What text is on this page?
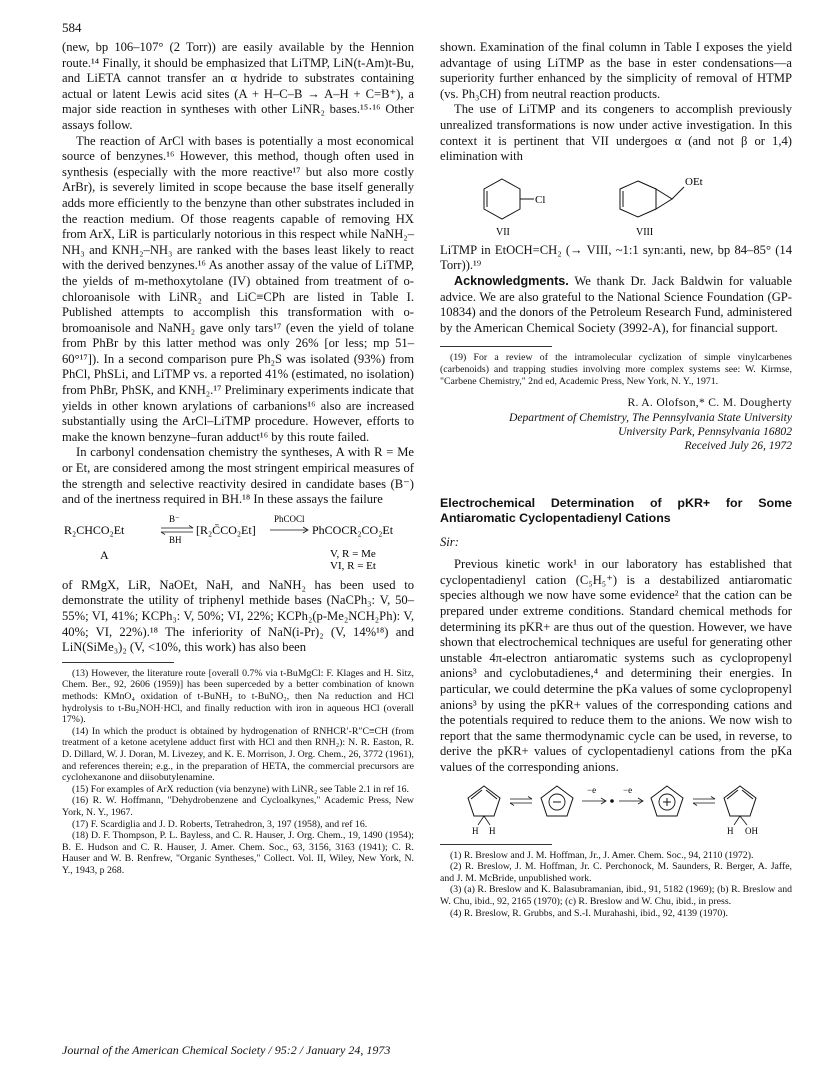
584

(new, bp 106–107° (2 Torr)) are easily available by the Hennion route.¹⁴ Finally, it should be emphasized that LiTMP, LiN(t-Am)t-Bu, and LiETA cannot transfer an α hydride to substrates containing actual or latent Lewis acid sites (A + H–C–B → A–H + C=B⁺), a major side reaction in syntheses with other LiNR₂ bases.¹⁵·¹⁶ Other assays follow.

The reaction of ArCl with bases is potentially a most economical source of benzynes.¹⁶ However, this method, though often used in synthesis (especially with the more reactive¹⁷ but also more costly ArBr), is severely limited in scope because the base itself generally adds more efficiently to the benzyne than other substrates included in the reaction medium. Of those reagents capable of removing HX from ArX, LiR is particularly notorious in this respect while NaNH₂–NH₃ and KNH₂–NH₃ are ranked with the bases least likely to react with the derived benzynes.¹⁶ As another assay of the value of LiTMP, the yields of m-methoxytolane (IV) obtained from treatment of o-chloroanisole with LiNR₂ and LiC≡CPh are listed in Table I. Published attempts to accomplish this transformation with o-bromoanisole and NaNH₂ gave only tars¹⁷ (even the yield of tolane from PhBr by this latter method was only 26% [or less; mp 51–60°¹⁷]). In a second comparison pure Ph₂S was isolated (93%) from PhCl, PhSLi, and LiTMP vs. a reported 41% (estimated, no isolation) from PhBr, PhSK, and KNH₂.¹⁷ Preliminary experiments indicate that yields in other known arylations of carbanions¹⁶ also are increased substantially using the ArCl–LiTMP procedure. However, efforts to make the known benzyne–furan adduct¹⁶ by this route failed.

In carbonyl condensation chemistry the syntheses, A with R = Me or Et, are considered among the most stringent empirical measures of the strength and selective reactivity desired in candidate bases (B⁻) and of the inertness required in BH.¹⁸ In these assays the failure

R₂CHCO₂Et
B⁻
BH
[R₂C̄CO₂Et]
PhCOCl
PhCOCR₂CO₂Et
A	V, R = Me
VI, R = Et

of RMgX, LiR, NaOEt, NaH, and NaNH₂ has been used to demonstrate the utility of triphenyl methide bases (NaCPh₃: V, 50–55%; VI, 41%; KCPh₃: V, 50%; VI, 22%; KCPh₂(p-Me₂NCH₂Ph): V, 40%; VI, 22%).¹⁸ The inferiority of NaN(i-Pr)₂ (V, 14%¹⁸) and LiN(SiMe₃)₂ (V, <10%, this work) has also been

(13) However, the literature route [overall 0.7% via t-BuMgCl: F. Klages and H. Sitz, Chem. Ber., 92, 2606 (1959)] has been superceded by a better combination of known methods: KMnO₄ oxidation of t-BuNH₂ to t-BuNO₂, then Na reduction and HCl hydrolysis to t-Bu₂NOH·HCl, and finally reduction with iron in aqueous HCl (overall 17%).

(14) In which the product is obtained by hydrogenation of RNHCR′-R″C≡CH (from treatment of a ketone acetylene adduct first with HCl and then RNH₂): N. R. Easton, R. D. Dillard, W. J. Doran, M. Livezey, and K. E. Morrison, J. Org. Chem., 26, 3772 (1961), and references therein; e.g., in the preparation of HETA, the commercial precursors are cyclohexanone and diisobutylenamine.

(15) For examples of ArX reduction (via benzyne) with LiNR₂ see Table 2.1 in ref 16.

(16) R. W. Hoffmann, "Dehydrobenzene and Cycloalkynes," Academic Press, New York, N. Y., 1967.

(17) F. Scardiglia and J. D. Roberts, Tetrahedron, 3, 197 (1958), and ref 16.

(18) D. F. Thompson, P. L. Bayless, and C. R. Hauser, J. Org. Chem., 19, 1490 (1954); B. E. Hudson and C. R. Hauser, J. Amer. Chem. Soc., 63, 3156, 3163 (1941); C. R. Hauser and W. B. Renfrew, "Organic Syntheses," Collect. Vol. II, Wiley, New York, N. Y., 1943, p 268.

shown. Examination of the final column in Table I exposes the yield advantage of using LiTMP as the base in ester condensations—a superiority further enhanced by the simplicity of removal of HTMP (vs. Ph₃CH) from neutral reaction products.

The use of LiTMP and its congeners to accomplish previously unrealized transformations is now under active investigation. In this context it is pertinent that VII undergoes α (and not β or 1,4) elimination with

Cl
VII
OEt
VIII

LiTMP in EtOCH=CH₂ (→ VIII, ~1:1 syn:anti, new, bp 84–85° (14 Torr)).¹⁹

Acknowledgments. We thank Dr. Jack Baldwin for valuable advice. We are also grateful to the National Science Foundation (GP-10834) and the donors of the Petroleum Research Fund, administered by the American Chemical Society (3992-A), for financial support.

(19) For a review of the intramolecular cyclization of simple vinylcarbenes (carbenoids) and trapping studies involving more complex systems see: W. Kirmse, "Carbene Chemistry," 2nd ed, Academic Press, New York, N. Y., 1971.

R. A. Olofson,* C. M. Dougherty
Department of Chemistry, The Pennsylvania State University
University Park, Pennsylvania 16802
Received July 26, 1972
Electrochemical Determination of pKR+ for Some Antiaromatic Cyclopentadienyl Cations
Sir:

Previous kinetic work¹ in our laboratory has established that cyclopentadienyl cation (C₅H₅⁺) is a destabilized antiaromatic species although we now have some evidence² that the cation can be prepared under extreme conditions. Standard chemical methods for determining its pKR+ are thus out of the question. However, we have shown that electrochemical techniques are useful for generating other unstable 4π-electron antiaromatic systems such as cyclopropenyl anions³ and cyclobutadienes,⁴ and determining their energies. In particular, we could determine the pKa values of some cyclopropenyl anions³ by using the pKR+ values of the corresponding cations and the potentials required to reduce them to the anions. We now wish to report that the same thermodynamic cycle can be used, in reverse, to derive the pKR+ values of cyclopentadienyl cations from the pKa values of the corresponding anions.

H H
−e	−e
H OH

(1) R. Breslow and J. M. Hoffman, Jr., J. Amer. Chem. Soc., 94, 2110 (1972).

(2) R. Breslow, J. M. Hoffman, Jr. C. Perchonock, M. Saunders, R. Berger, A. Jaffe, and J. M. McBride, unpublished work.

(3) (a) R. Breslow and K. Balasubramanian, ibid., 91, 5182 (1969); (b) R. Breslow and W. Chu, ibid., 92, 2165 (1970); (c) R. Breslow and W. Chu, ibid., in press.

(4) R. Breslow, R. Grubbs, and S.-I. Murahashi, ibid., 92, 4139 (1970).

Journal of the American Chemical Society / 95:2 / January 24, 1973
